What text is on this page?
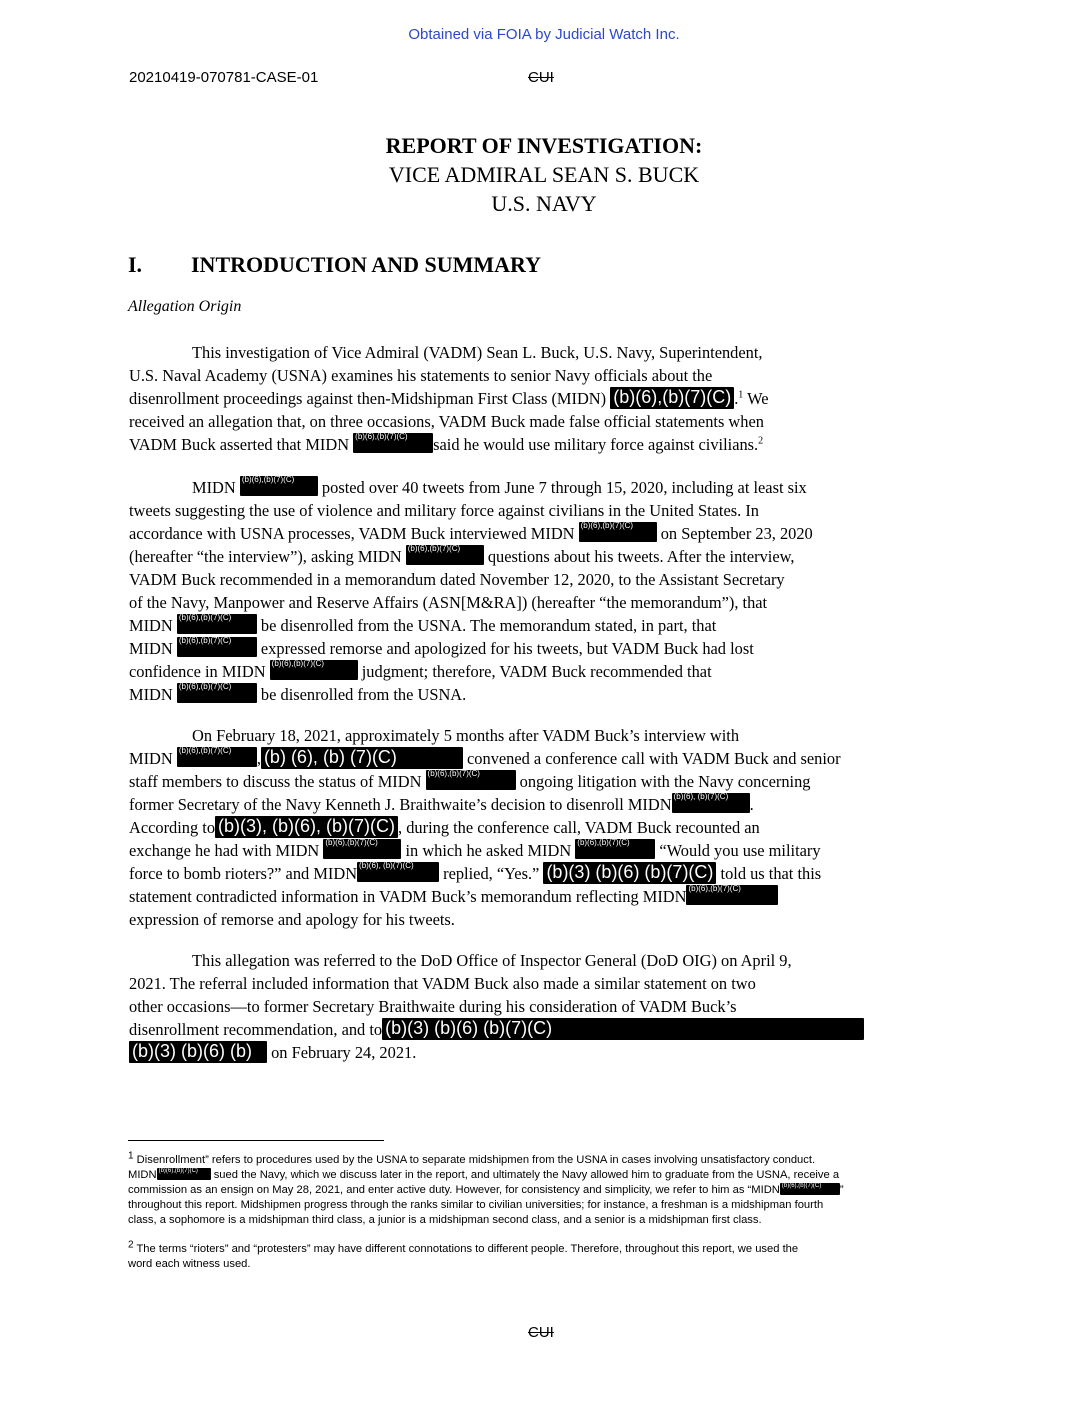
Obtained via FOIA by Judicial Watch Inc.
20210419-070781-CASE-01	CUI
REPORT OF INVESTIGATION:
VICE ADMIRAL SEAN S. BUCK
U.S. NAVY
I. INTRODUCTION AND SUMMARY
Allegation Origin
This investigation of Vice Admiral (VADM) Sean L. Buck, U.S. Navy, Superintendent,
U.S. Naval Academy (USNA) examines his statements to senior Navy officials about the
disenrollment proceedings against then-Midshipman First Class (MIDN) (b)(6),(b)(7)(C) .$^1$ We
received an allegation that, on three occasions, VADM Buck made false official statements when
VADM Buck asserted that MIDN (b)(6),(b)(7)(C) said he would use military force against civilians.$^2$
MIDN (b)(6),(b)(7)(C) posted over 40 tweets from June 7 through 15, 2020, including at least six
tweets suggesting the use of violence and military force against civilians in the United States. In
accordance with USNA processes, VADM Buck interviewed MIDN (b)(6),(b)(7)(C) on September 23, 2020
(hereafter “the interview”), asking MIDN (b)(6),(b)(7)(C) questions about his tweets. After the interview,
VADM Buck recommended in a memorandum dated November 12, 2020, to the Assistant Secretary
of the Navy, Manpower and Reserve Affairs (ASN[M&RA]) (hereafter “the memorandum”), that
MIDN (b)(6),(b)(7)(C) be disenrolled from the USNA. The memorandum stated, in part, that
MIDN (b)(6),(b)(7)(C) expressed remorse and apologized for his tweets, but VADM Buck had lost
confidence in MIDN (b)(6),(b)(7)(C) judgment; therefore, VADM Buck recommended that
MIDN (b)(6),(b)(7)(C) be disenrolled from the USNA.
On February 18, 2021, approximately 5 months after VADM Buck’s interview with
MIDN (b)(6),(b)(7)(C) , (b) (6), (b) (7)(C)	convened a conference call with VADM Buck and senior
staff members to discuss the status of MIDN (b)(6),(b)(7)(C) ongoing litigation with the Navy concerning
former Secretary of the Navy Kenneth J. Braithwaite’s decision to disenroll MIDN (b)(6), (b)(7)(C) .
According to (b)(3), (b)(6), (b)(7)(C) , during the conference call, VADM Buck recounted an
exchange he had with MIDN (b)(6),(b)(7)(C) in which he asked MIDN (b)(6),(b)(7)(C) “Would you use military
force to bomb rioters?” and MIDN (b)(6), (b)(7)(C) replied, “Yes.” (b)(3) (b)(6) (b)(7)(C) told us that this
statement contradicted information in VADM Buck’s memorandum reflecting MIDN (b)(6),(b)(7)(C)
expression of remorse and apology for his tweets.
This allegation was referred to the DoD Office of Inspector General (DoD OIG) on April 9,
2021. The referral included information that VADM Buck also made a similar statement on two
other occasions—to former Secretary Braithwaite during his consideration of VADM Buck’s
disenrollment recommendation, and to (b)(3) (b)(6) (b)(7)(C)
(b)(3) (b)(6) (b) on February 24, 2021.
$^1$ Disenrollment” refers to procedures used by the USNA to separate midshipmen from the USNA in cases involving unsatisfactory conduct.
MIDN (b)(6),(b)(7)(C) sued the Navy, which we discuss later in the report, and ultimately the Navy allowed him to graduate from the USNA, receive a
commission as an ensign on May 28, 2021, and enter active duty. However, for consistency and simplicity, we refer to him as “MIDN (b)(6),(b)(7)(C) ”
throughout this report. Midshipmen progress through the ranks similar to civilian universities; for instance, a freshman is a midshipman fourth
class, a sophomore is a midshipman third class, a junior is a midshipman second class, and a senior is a midshipman first class.
$^2$ The terms “rioters” and “protesters” may have different connotations to different people. Therefore, throughout this report, we used the
word each witness used.
CUI
